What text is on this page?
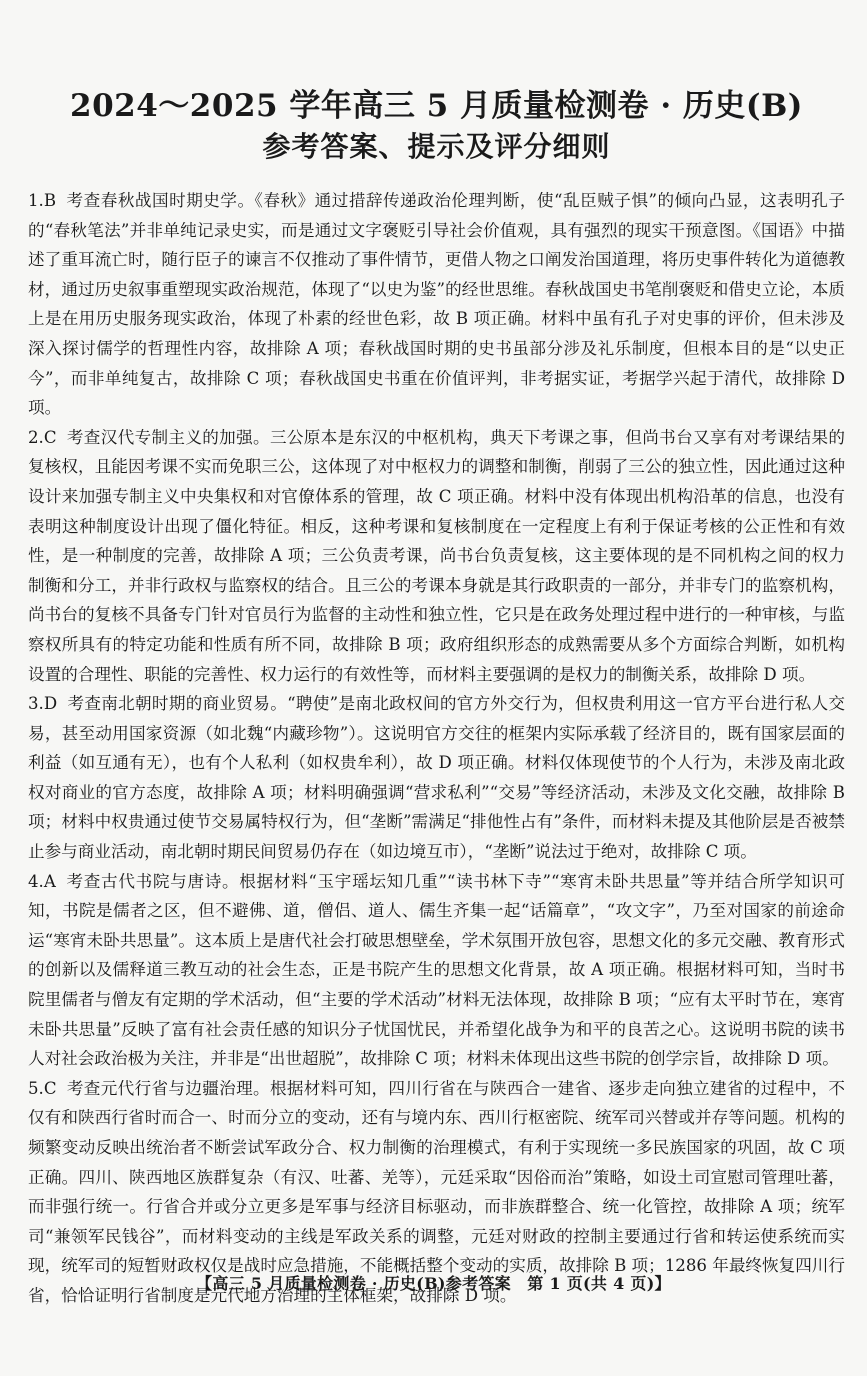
2024～2025 学年高三 5 月质量检测卷 · 历史(B)
参考答案、提示及评分细则

1.B 考查春秋战国时期史学。《春秋》通过措辞传递政治伦理判断，使“乱臣贼子惧”的倾向凸显，这表明孔子的“春秋笔法”并非单纯记录史实，而是通过文字褒贬引导社会价值观，具有强烈的现实干预意图。《国语》中描述了重耳流亡时，随行臣子的谏言不仅推动了事件情节，更借人物之口阐发治国道理，将历史事件转化为道德教材，通过历史叙事重塑现实政治规范，体现了“以史为鉴”的经世思维。春秋战国史书笔削褒贬和借史立论，本质上是在用历史服务现实政治，体现了朴素的经世色彩，故 B 项正确。材料中虽有孔子对史事的评价，但未涉及深入探讨儒学的哲理性内容，故排除 A 项；春秋战国时期的史书虽部分涉及礼乐制度，但根本目的是“以史正今”，而非单纯复古，故排除 C 项；春秋战国史书重在价值评判，非考据实证，考据学兴起于清代，故排除 D 项。

2.C 考查汉代专制主义的加强。三公原本是东汉的中枢机构，典天下考课之事，但尚书台又享有对考课结果的复核权，且能因考课不实而免职三公，这体现了对中枢权力的调整和制衡，削弱了三公的独立性，因此通过这种设计来加强专制主义中央集权和对官僚体系的管理，故 C 项正确。材料中没有体现出机构沿革的信息，也没有表明这种制度设计出现了僵化特征。相反，这种考课和复核制度在一定程度上有利于保证考核的公正性和有效性，是一种制度的完善，故排除 A 项；三公负责考课，尚书台负责复核，这主要体现的是不同机构之间的权力制衡和分工，并非行政权与监察权的结合。且三公的考课本身就是其行政职责的一部分，并非专门的监察机构，尚书台的复核不具备专门针对官员行为监督的主动性和独立性，它只是在政务处理过程中进行的一种审核，与监察权所具有的特定功能和性质有所不同，故排除 B 项；政府组织形态的成熟需要从多个方面综合判断，如机构设置的合理性、职能的完善性、权力运行的有效性等，而材料主要强调的是权力的制衡关系，故排除 D 项。

3.D 考查南北朝时期的商业贸易。“聘使”是南北政权间的官方外交行为，但权贵利用这一官方平台进行私人交易，甚至动用国家资源（如北魏“内藏珍物”）。这说明官方交往的框架内实际承载了经济目的，既有国家层面的利益（如互通有无），也有个人私利（如权贵牟利），故 D 项正确。材料仅体现使节的个人行为，未涉及南北政权对商业的官方态度，故排除 A 项；材料明确强调“营求私利”“交易”等经济活动，未涉及文化交融，故排除 B 项；材料中权贵通过使节交易属特权行为，但“垄断”需满足“排他性占有”条件，而材料未提及其他阶层是否被禁止参与商业活动，南北朝时期民间贸易仍存在（如边境互市），“垄断”说法过于绝对，故排除 C 项。

4.A 考查古代书院与唐诗。根据材料“玉宇瑶坛知几重”“读书林下寺”“寒宵未卧共思量”等并结合所学知识可知，书院是儒者之区，但不避佛、道，僧侣、道人、儒生齐集一起“话篇章”，“攻文字”，乃至对国家的前途命运“寒宵未卧共思量”。这本质上是唐代社会打破思想壁垒，学术氛围开放包容，思想文化的多元交融、教育形式的创新以及儒释道三教互动的社会生态，正是书院产生的思想文化背景，故 A 项正确。根据材料可知，当时书院里儒者与僧友有定期的学术活动，但“主要的学术活动”材料无法体现，故排除 B 项；“应有太平时节在，寒宵未卧共思量”反映了富有社会责任感的知识分子忧国忧民，并希望化战争为和平的良苦之心。这说明书院的读书人对社会政治极为关注，并非是“出世超脱”，故排除 C 项；材料未体现出这些书院的创学宗旨，故排除 D 项。

5.C 考查元代行省与边疆治理。根据材料可知，四川行省在与陕西合一建省、逐步走向独立建省的过程中，不仅有和陕西行省时而合一、时而分立的变动，还有与境内东、西川行枢密院、统军司兴替或并存等问题。机构的频繁变动反映出统治者不断尝试军政分合、权力制衡的治理模式，有利于实现统一多民族国家的巩固，故 C 项正确。四川、陕西地区族群复杂（有汉、吐蕃、羌等），元廷采取“因俗而治”策略，如设土司宣慰司管理吐蕃，而非强行统一。行省合并或分立更多是军事与经济目标驱动，而非族群整合、统一化管控，故排除 A 项；统军司“兼领军民钱谷”，而材料变动的主线是军政关系的调整，元廷对财政的控制主要通过行省和转运使系统而实现，统军司的短暂财政权仅是战时应急措施，不能概括整个变动的实质，故排除 B 项；1286 年最终恢复四川行省，恰恰证明行省制度是元代地方治理的主体框架，故排除 D 项。

【高三 5 月质量检测卷 · 历史(B)参考答案　第 1 页(共 4 页)】
